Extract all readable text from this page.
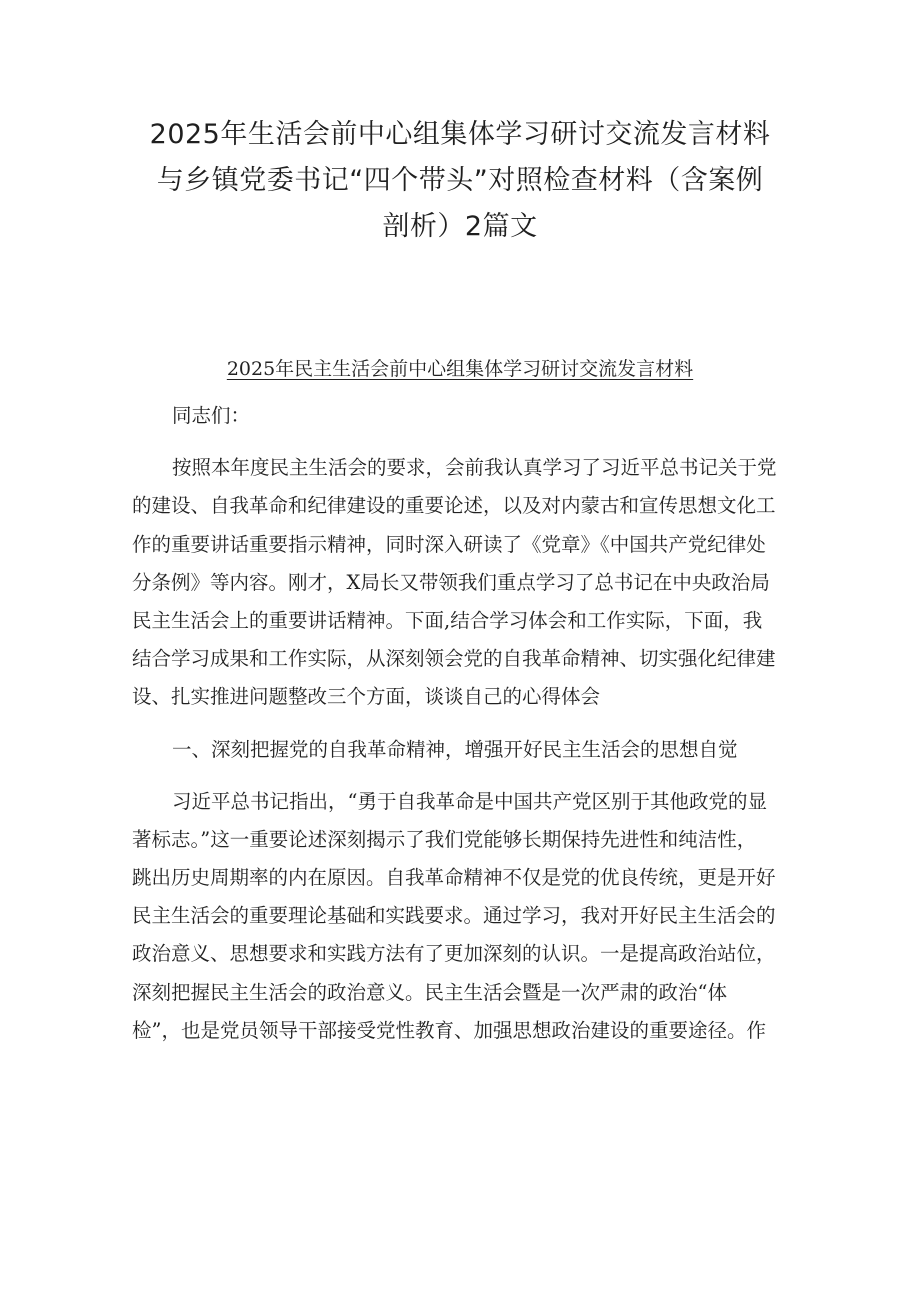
2025年生活会前中心组集体学习研讨交流发言材料
与乡镇党委书记“四个带头”对照检查材料（含案例
剖析）2篇文
2025年民主生活会前中心组集体学习研讨交流发言材料
同志们：
按照本年度民主生活会的要求，会前我认真学习了习近平总书记关于党
的建设、自我革命和纪律建设的重要论述，以及对内蒙古和宣传思想文化工
作的重要讲话重要指示精神，同时深入研读了《党章》《中国共产党纪律处
分条例》等内容。刚才，X局长又带领我们重点学习了总书记在中央政治局
民主生活会上的重要讲话精神。下面,结合学习体会和工作实际，下面，我
结合学习成果和工作实际，从深刻领会党的自我革命精神、切实强化纪律建
设、扎实推进问题整改三个方面，谈谈自己的心得体会
一、深刻把握党的自我革命精神，增强开好民主生活会的思想自觉
习近平总书记指出，“勇于自我革命是中国共产党区别于其他政党的显
著标志。”这一重要论述深刻揭示了我们党能够长期保持先进性和纯洁性，
跳出历史周期率的内在原因。自我革命精神不仅是党的优良传统，更是开好
民主生活会的重要理论基础和实践要求。通过学习，我对开好民主生活会的
政治意义、思想要求和实践方法有了更加深刻的认识。一是提高政治站位，
深刻把握民主生活会的政治意义。民主生活会暨是一次严肃的政治“体
检”，也是党员领导干部接受党性教育、加强思想政治建设的重要途径。作
